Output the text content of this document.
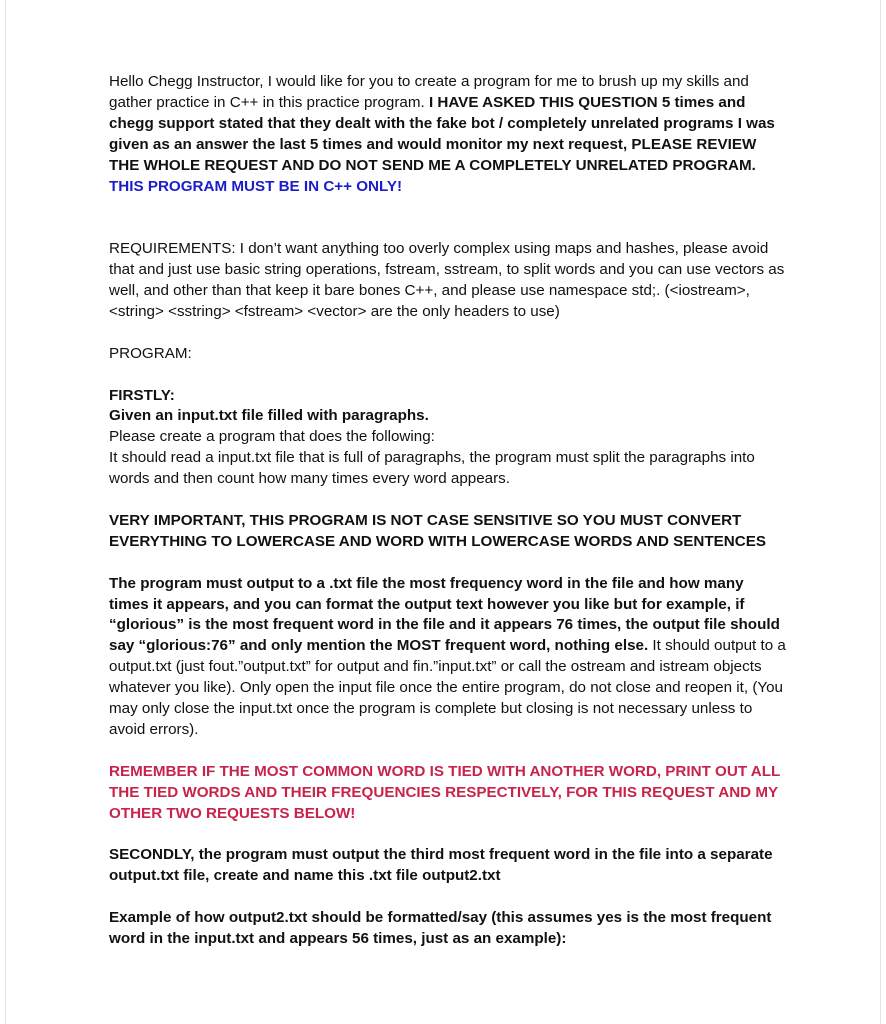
Hello Chegg Instructor, I would like for you to create a program for me to brush up my skills and gather practice in C++ in this practice program. I HAVE ASKED THIS QUESTION 5 times and chegg support stated that they dealt with the fake bot / completely unrelated programs I was given as an answer the last 5 times and would monitor my next request, PLEASE REVIEW THE WHOLE REQUEST AND DO NOT SEND ME A COMPLETELY UNRELATED PROGRAM. THIS PROGRAM MUST BE IN C++ ONLY!

REQUIREMENTS: I don’t want anything too overly complex using maps and hashes, please avoid that and just use basic string operations, fstream, sstream, to split words and you can use vectors as well, and other than that keep it bare bones C++, and please use namespace std;. (<iostream>, <string> <sstring> <fstream> <vector> are the only headers to use)

PROGRAM:

FIRSTLY:

Given an input.txt file filled with paragraphs.

Please create a program that does the following:

It should read a input.txt file that is full of paragraphs, the program must split the paragraphs into words and then count how many times every word appears.

VERY IMPORTANT, THIS PROGRAM IS NOT CASE SENSITIVE SO YOU MUST CONVERT EVERYTHING TO LOWERCASE AND WORD WITH LOWERCASE WORDS AND SENTENCES

The program must output to a .txt file the most frequency word in the file and how many times it appears, and you can format the output text however you like but for example, if “glorious” is the most frequent word in the file and it appears 76 times, the output file should say “glorious:76” and only mention the MOST frequent word, nothing else. It should output to a output.txt (just fout.”output.txt” for output and fin.”input.txt” or call the ostream and istream objects whatever you like). Only open the input file once the entire program, do not close and reopen it, (You may only close the input.txt once the program is complete but closing is not necessary unless to avoid errors).

REMEMBER IF THE MOST COMMON WORD IS TIED WITH ANOTHER WORD, PRINT OUT ALL THE TIED WORDS AND THEIR FREQUENCIES RESPECTIVELY, FOR THIS REQUEST AND MY OTHER TWO REQUESTS BELOW!

SECONDLY, the program must output the third most frequent word in the file into a separate output.txt file, create and name this .txt file output2.txt

Example of how output2.txt should be formatted/say (this assumes yes is the most frequent word in the input.txt and appears 56 times, just as an example):
